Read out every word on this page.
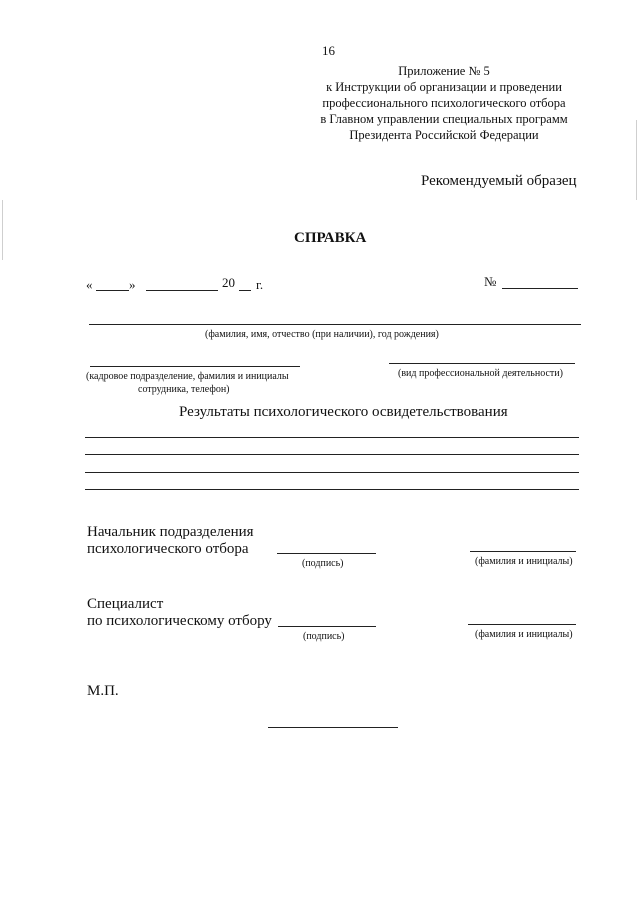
16
Приложение № 5
к Инструкции об организации и проведении
профессионального психологического отбора
в Главном управлении специальных программ
Президента Российской Федерации
Рекомендуемый образец
СПРАВКА
«	»	20 г.	№
(фамилия, имя, отчество (при наличии), год рождения)
(кадровое подразделение, фамилия и инициалы
сотрудника, телефон)
(вид профессиональной деятельности)
Результаты психологического освидетельствования
Начальник подразделения
психологического отбора
(подпись)	(фамилия и инициалы)
Специалист
по психологическому отбору
(подпись)	(фамилия и инициалы)
М.П.
